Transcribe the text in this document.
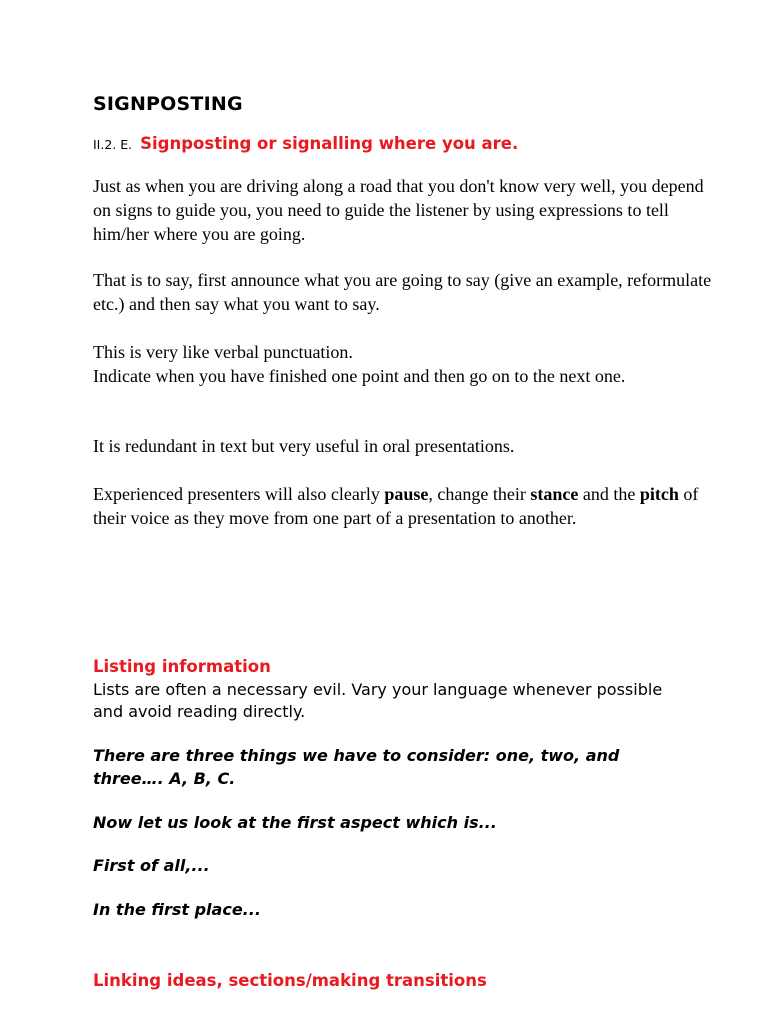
SIGNPOSTING
II.2. E. Signposting or signalling where you are.

Just as when you are driving along a road that you don't know very well, you depend on signs to guide you, you need to guide the listener by using expressions to tell him/her where you are going.

That is to say, first announce what you are going to say (give an example, reformulate etc.) and then say what you want to say.

This is very like verbal punctuation.
Indicate when you have finished one point and then go on to the next one.

It is redundant in text but very useful in oral presentations.

Experienced presenters will also clearly pause, change their stance and the pitch of their voice as they move from one part of a presentation to another.

Listing information

Lists are often a necessary evil. Vary your language whenever possible and avoid reading directly.

There are three things we have to consider: one, two, and three…. A, B, C.

Now let us look at the first aspect which is...

First of all,...

In the first place...

Linking ideas, sections/making transitions
